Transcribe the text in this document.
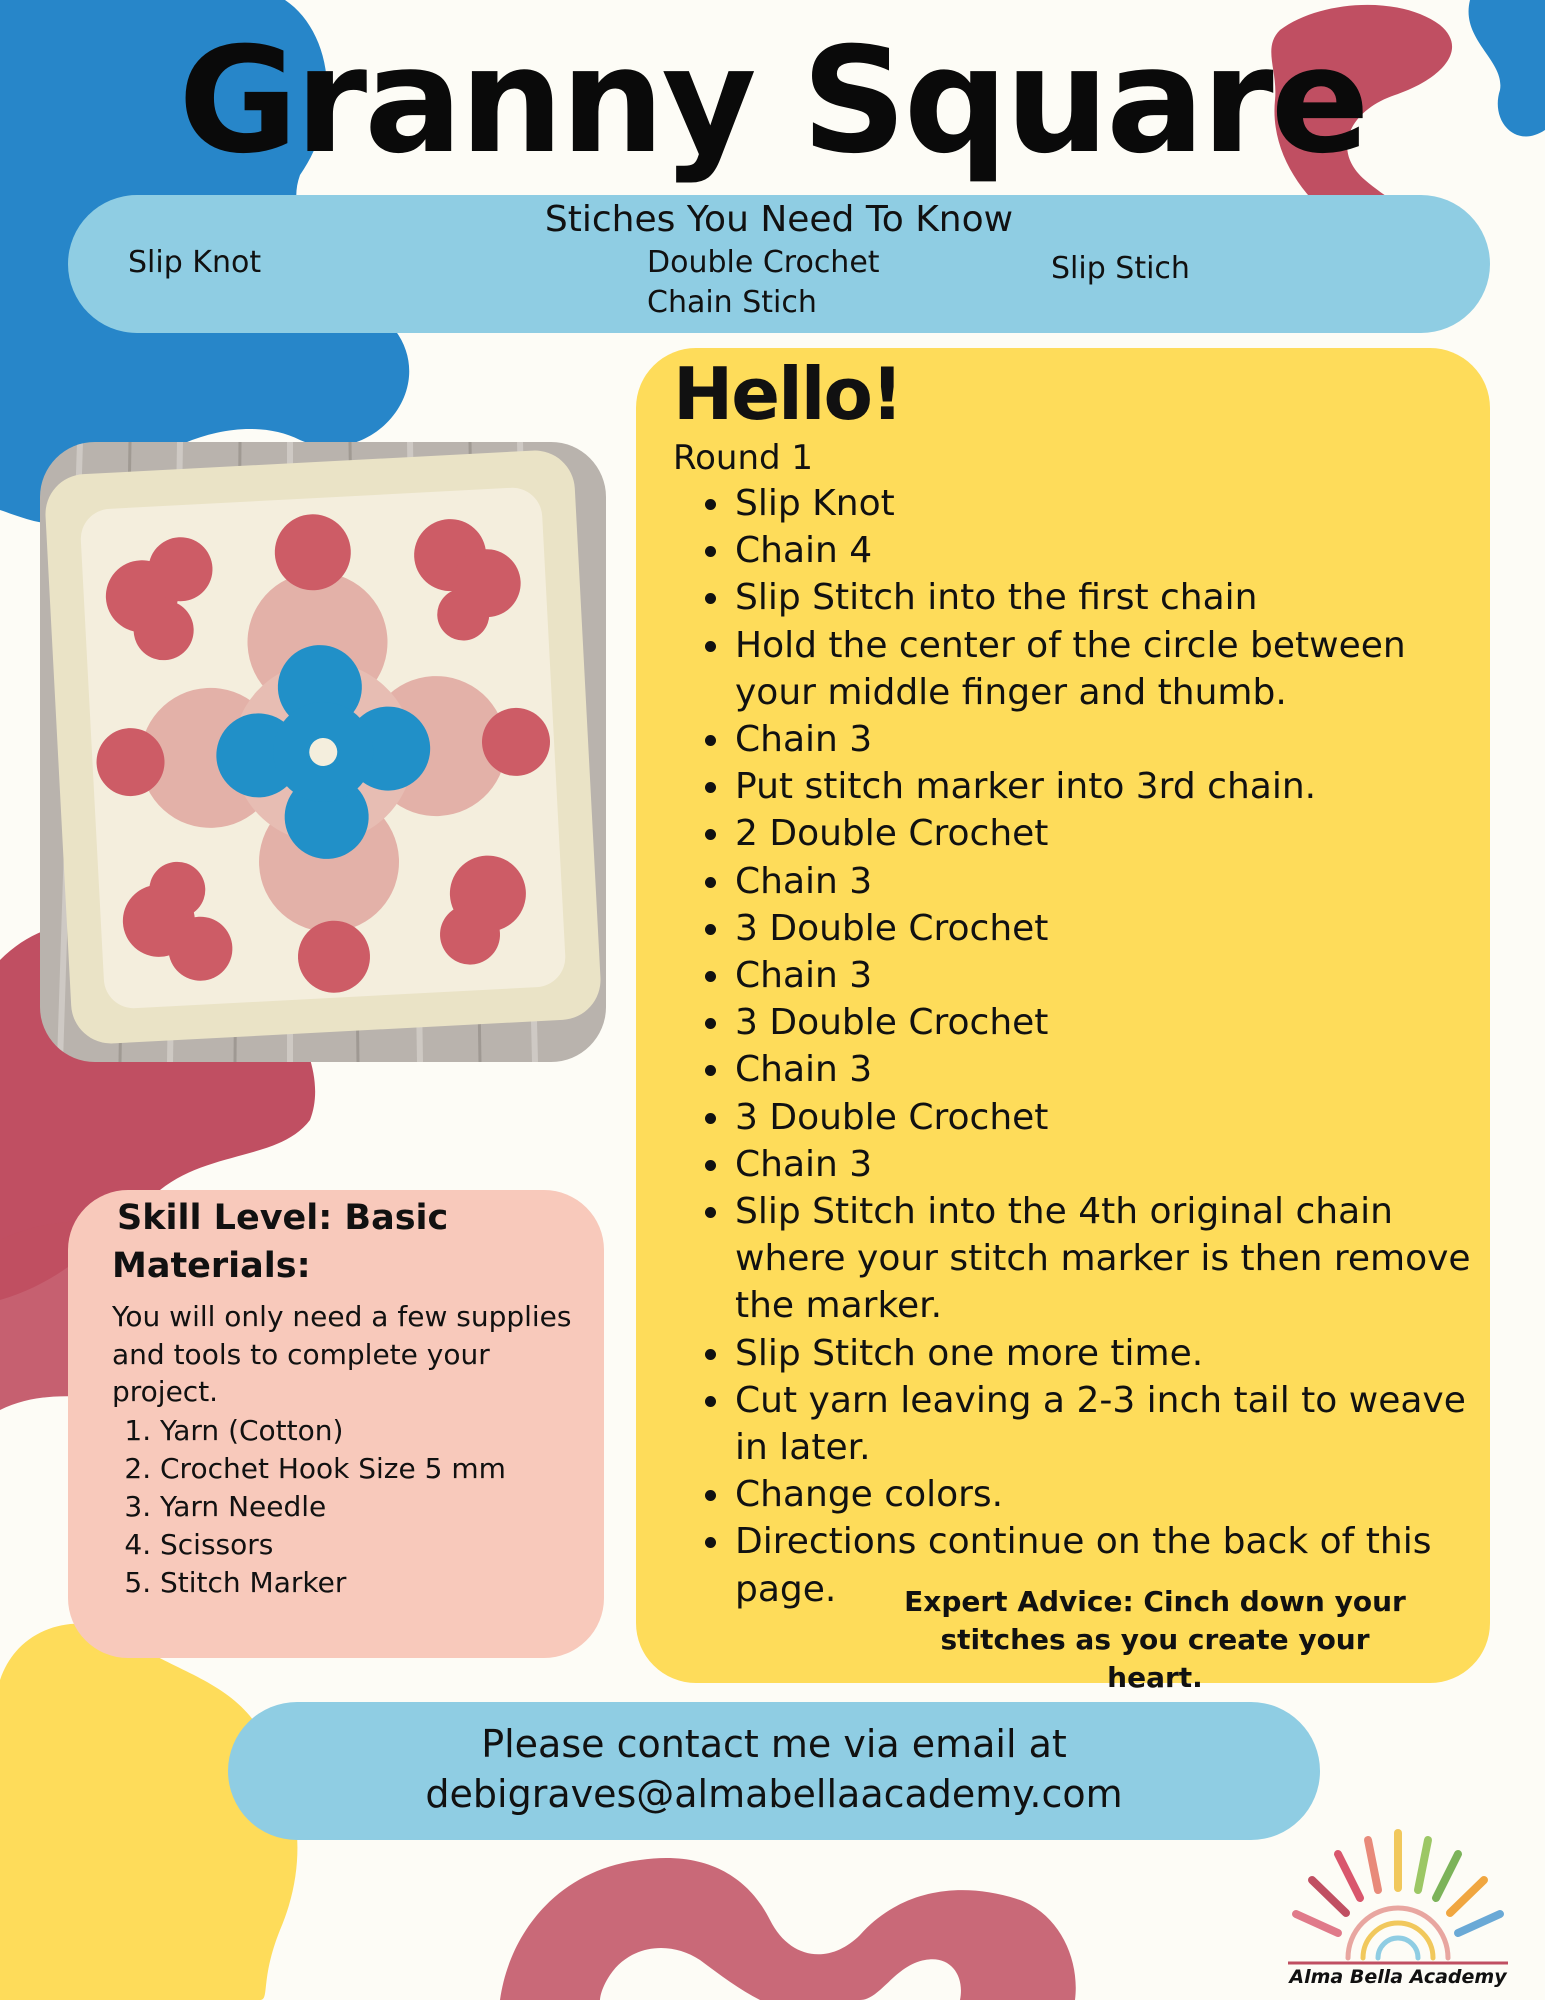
Granny Square
Stiches You Need To Know
Slip Knot	Double Crochet
Chain Stich
Slip Stich
Hello!
Round 1
• Slip Knot
• Chain 4
• Slip Stitch into the first chain
• Hold the center of the circle between your middle finger and thumb.
• Chain 3
• Put stitch marker into 3rd chain.
• 2 Double Crochet
• Chain 3
• 3 Double Crochet
• Chain 3
• 3 Double Crochet
• Chain 3
• 3 Double Crochet
• Chain 3
• Slip Stitch into the 4th original chain where your stitch marker is then remove the marker.
• Slip Stitch one more time.
• Cut yarn leaving a 2-3 inch tail to weave in later.
• Change colors.
• Directions continue on the back of this page.	Expert Advice: Cinch down your stitches as you create your heart.
Skill Level: Basic
Materials:
You will only need a few supplies and tools to complete your project.
1. Yarn (Cotton)
2. Crochet Hook Size 5 mm
3. Yarn Needle
4. Scissors
5. Stitch Marker
Please contact me via email at
debigraves@almabellaacademy.com
Alma Bella Academy
